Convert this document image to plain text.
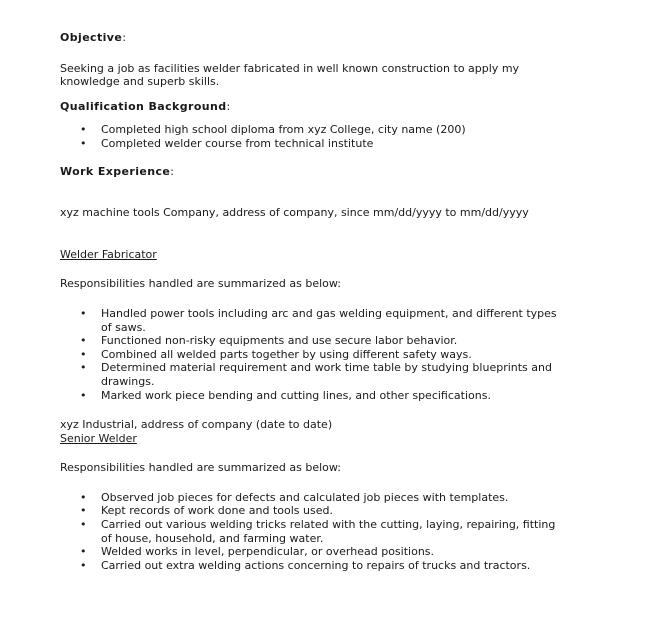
Objective:

Seeking a job as facilities welder fabricated in well known construction to apply my knowledge and superb skills.

Qualification Background:

• Completed high school diploma from xyz College, city name (200)
• Completed welder course from technical institute

Work Experience:

xyz machine tools Company, address of company, since mm/dd/yyyy to mm/dd/yyyy

Welder Fabricator

Responsibilities handled are summarized as below:

• Handled power tools including arc and gas welding equipment, and different types of saws.
• Functioned non-risky equipments and use secure labor behavior.
• Combined all welded parts together by using different safety ways.
• Determined material requirement and work time table by studying blueprints and drawings.
• Marked work piece bending and cutting lines, and other specifications.

xyz Industrial, address of company (date to date)

Senior Welder

Responsibilities handled are summarized as below:

• Observed job pieces for defects and calculated job pieces with templates.
• Kept records of work done and tools used.
• Carried out various welding tricks related with the cutting, laying, repairing, fitting of house, household, and farming water.
• Welded works in level, perpendicular, or overhead positions.
• Carried out extra welding actions concerning to repairs of trucks and tractors.
